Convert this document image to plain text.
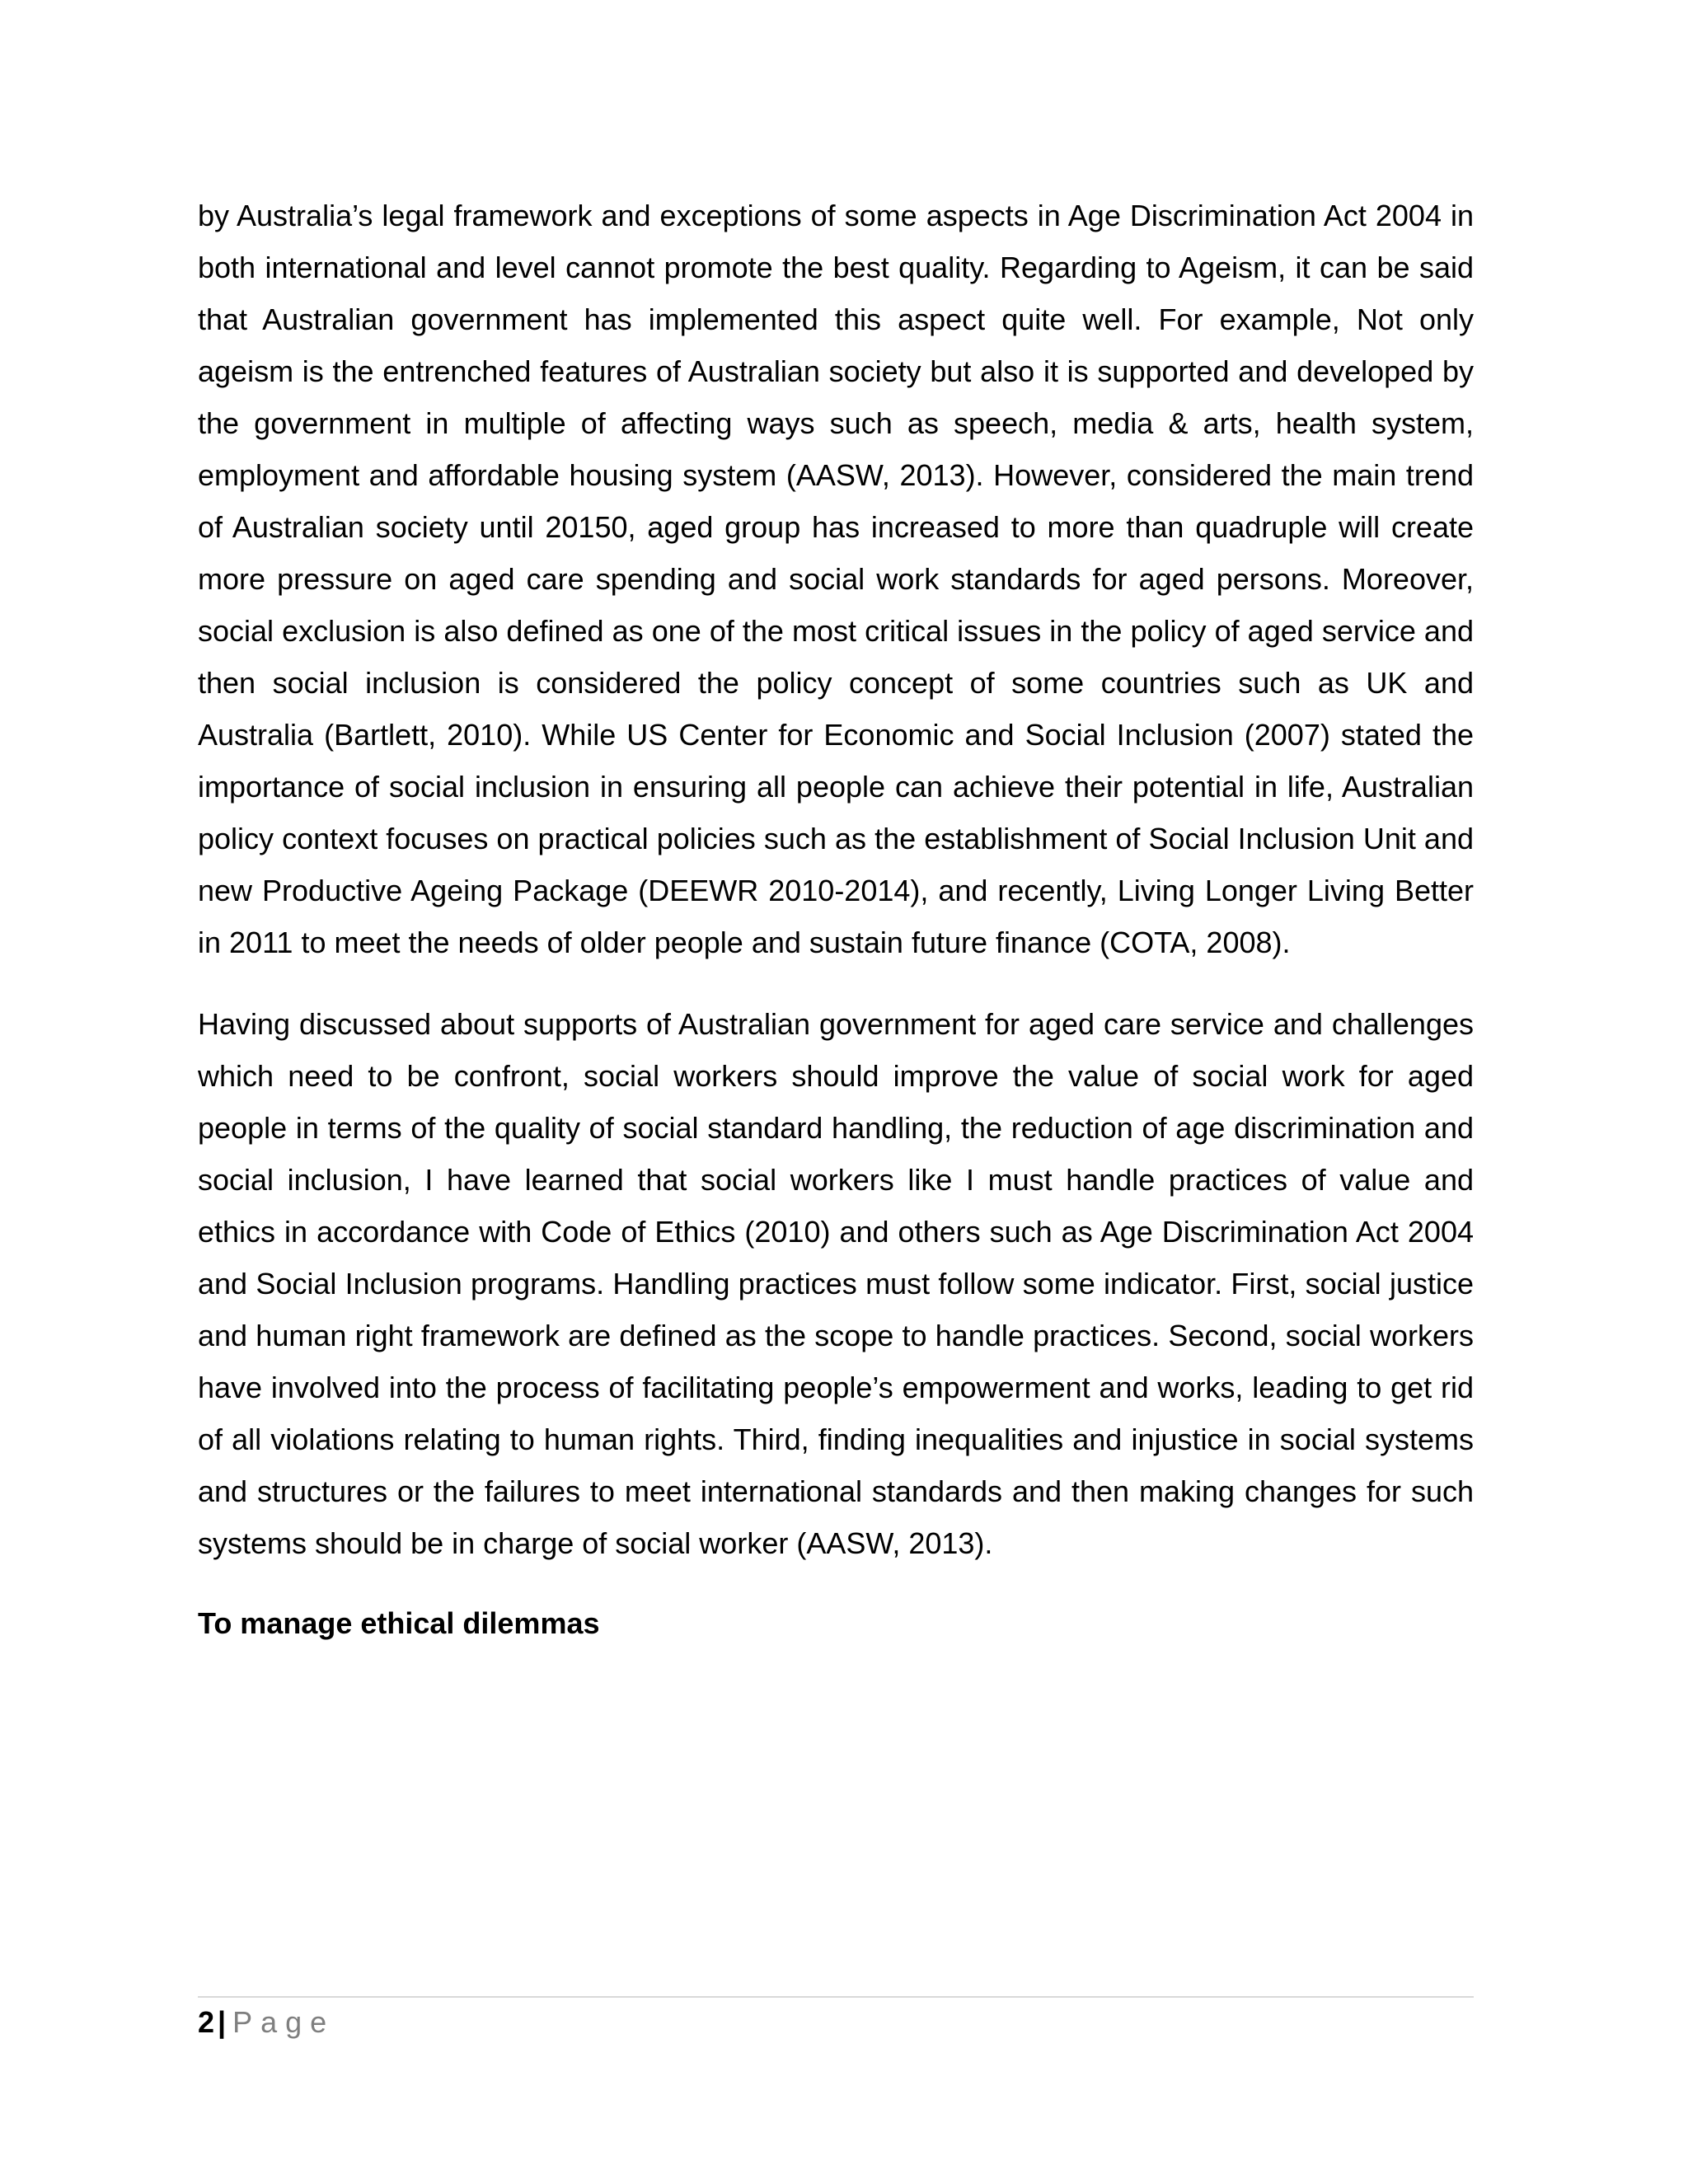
by Australia’s legal framework and exceptions of some aspects in Age Discrimination Act 2004 in both international and level cannot promote the best quality. Regarding to Ageism, it can be said that Australian government has implemented this aspect quite well. For example, Not only ageism is the entrenched features of Australian society but also it is supported and developed by the government in multiple of affecting ways such as speech, media & arts, health system, employment and affordable housing system (AASW, 2013). However, considered the main trend of Australian society until 20150, aged group has increased to more than quadruple will create more pressure on aged care spending and social work standards for aged persons. Moreover, social exclusion is also defined as one of the most critical issues in the policy of aged service and then social inclusion is considered the policy concept of some countries such as UK and Australia (Bartlett, 2010). While US Center for Economic and Social Inclusion (2007) stated the importance of social inclusion in ensuring all people can achieve their potential in life, Australian policy context focuses on practical policies such as the establishment of Social Inclusion Unit and new Productive Ageing Package (DEEWR 2010-2014), and recently, Living Longer Living Better in 2011 to meet the needs of older people and sustain future finance (COTA, 2008).

Having discussed about supports of Australian government for aged care service and challenges which need to be confront, social workers should improve the value of social work for aged people in terms of the quality of social standard handling, the reduction of age discrimination and social inclusion, I have learned that social workers like I must handle practices of value and ethics in accordance with Code of Ethics (2010) and others such as Age Discrimination Act 2004 and Social Inclusion programs. Handling practices must follow some indicator. First, social justice and human right framework are defined as the scope to handle practices. Second, social workers have involved into the process of facilitating people’s empowerment and works, leading to get rid of all violations relating to human rights. Third, finding inequalities and injustice in social systems and structures or the failures to meet international standards and then making changes for such systems should be in charge of social worker (AASW, 2013).

To manage ethical dilemmas
2 | Page
